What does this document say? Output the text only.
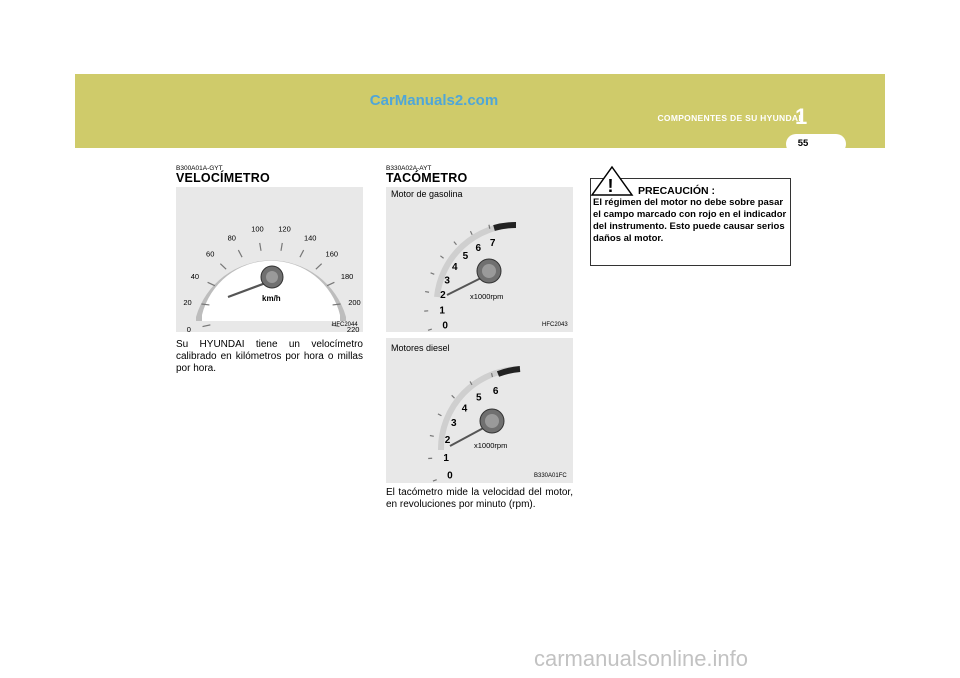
CarManuals2.com
COMPONENTES DE SU HYUNDAI
1
55
B300A01A-GYT
VELOCÍMETRO
0
20
40
60
80
100 120
140
160
180
200
220
km/h
HFC2044
Su HYUNDAI tiene un velocímetro calibrado en kilómetros por hora o millas por hora.
B330A02A-AYT
TACÓMETRO
Motor de gasolina
0
1
2
3
4
5
6 7
x1000rpm
HFC2043
Motores diesel
0
1
2
3
4
5
6
x1000rpm
B330A01FC
El tacómetro mide la velocidad del motor, en revoluciones por minuto (rpm).
! PRECAUCIÓN :
El régimen del motor no debe sobre pasar el campo marcado con rojo en el indicador del instrumento. Esto puede causar serios daños al motor.
carmanualsonline.info
